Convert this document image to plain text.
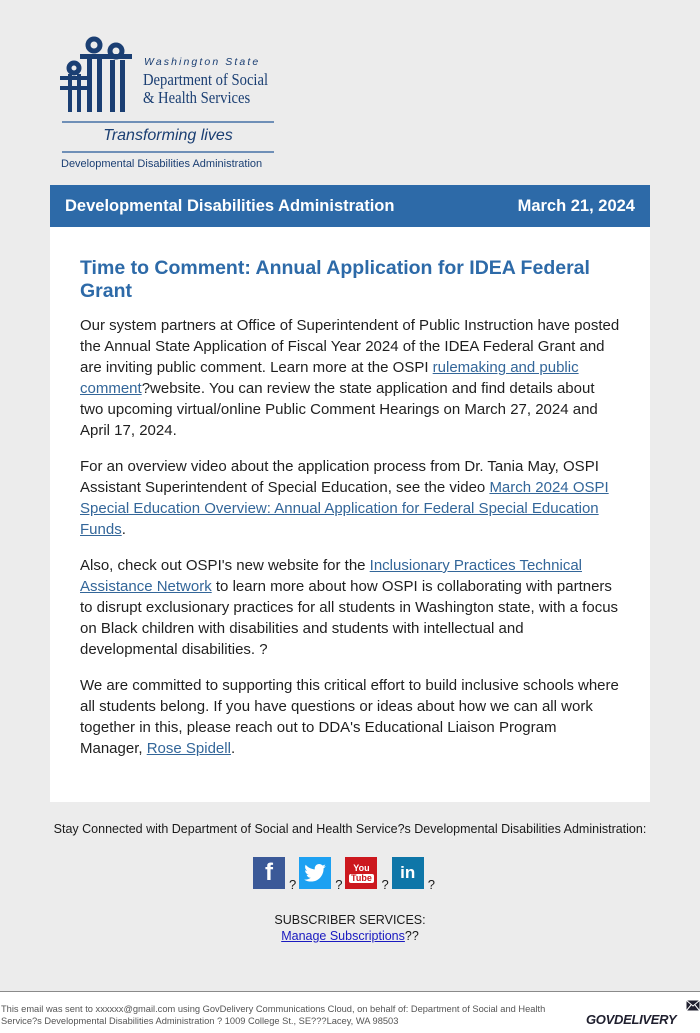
Washington State
Department of Social
& Health Services
Transforming lives
Developmental Disabilities Administration
Developmental Disabilities Administration	March 21, 2024
Time to Comment: Annual Application for IDEA Federal Grant

Our system partners at Office of Superintendent of Public Instruction have posted the Annual State Application of Fiscal Year 2024 of the IDEA Federal Grant and are inviting public comment. Learn more at the OSPI rulemaking and public comment?website. You can review the state application and find details about two upcoming virtual/online Public Comment Hearings on March 27, 2024 and April 17, 2024.

For an overview video about the application process from Dr. Tania May, OSPI Assistant Superintendent of Special Education, see the video March 2024 OSPI Special Education Overview: Annual Application for Federal Special Education Funds.

Also, check out OSPI's new website for the Inclusionary Practices Technical Assistance Network to learn more about how OSPI is collaborating with partners to disrupt exclusionary practices for all students in Washington state, with a focus on Black children with disabilities and students with intellectual and developmental disabilities. ?

We are committed to supporting this critical effort to build inclusive schools where all students belong. If you have questions or ideas about how we can all work together in this, please reach out to DDA's Educational Liaison Program Manager, Rose Spidell.

Stay Connected with Department of Social and Health Service?s Developmental Disabilities Administration:
f	?	?
You
Tube ?
in
?
SUBSCRIBER SERVICES:
Manage Subscriptions??
This email was sent to xxxxxx@gmail.com using GovDelivery Communications Cloud, on behalf of: Department of Social and Health Service?s Developmental Disabilities Administration ? 1009 College St., SE???Lacey, WA 98503	govdelivery
